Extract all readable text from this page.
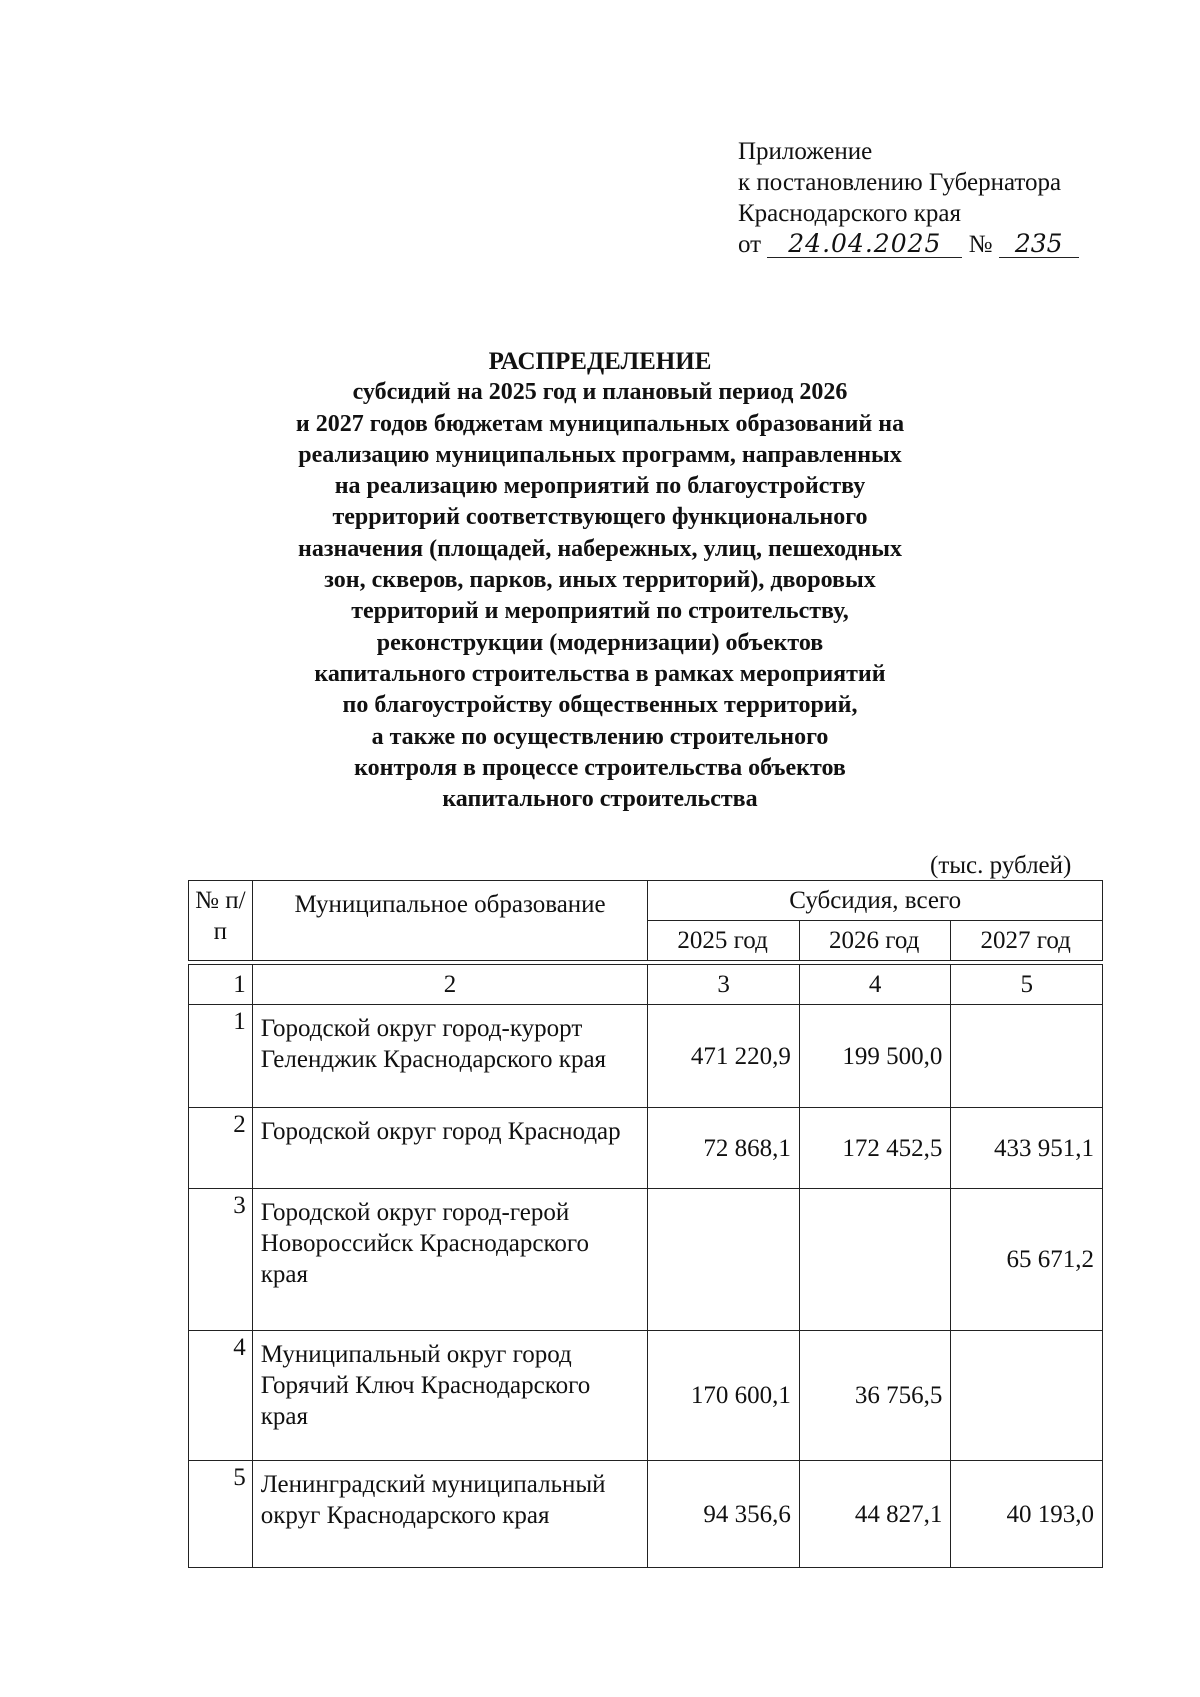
Приложение
к постановлению Губернатора
Краснодарского края
от 24.04.2025 № 235
РАСПРЕДЕЛЕНИЕ
субсидий на 2025 год и плановый период 2026
и 2027 годов бюджетам муниципальных образований на
реализацию муниципальных программ, направленных
на реализацию мероприятий по благоустройству
территорий соответствующего функционального
назначения (площадей, набережных, улиц, пешеходных
зон, скверов, парков, иных территорий), дворовых
территорий и мероприятий по строительству,
реконструкции (модернизации) объектов
капитального строительства в рамках мероприятий
по благоустройству общественных территорий,
а также по осуществлению строительного
контроля в процессе строительства объектов
капитального строительства
(тыс. рублей)
№ п/п	Муниципальное образование	Субсидия, всего		
		2025 год	2026 год	2027 год

1	2	3	4	5
1	Городской округ город-курорт Геленджик Краснодарского края	471 220,9	199 500,0	
2	Городской округ город Краснодар	72 868,1	172 452,5	433 951,1
3	Городской округ город-герой Новороссийск Краснодарского края			65 671,2
4	Муниципальный округ город Горячий Ключ Краснодарского края	170 600,1	36 756,5	
5	Ленинградский муниципальный округ Краснодарского края	94 356,6	44 827,1	40 193,0
